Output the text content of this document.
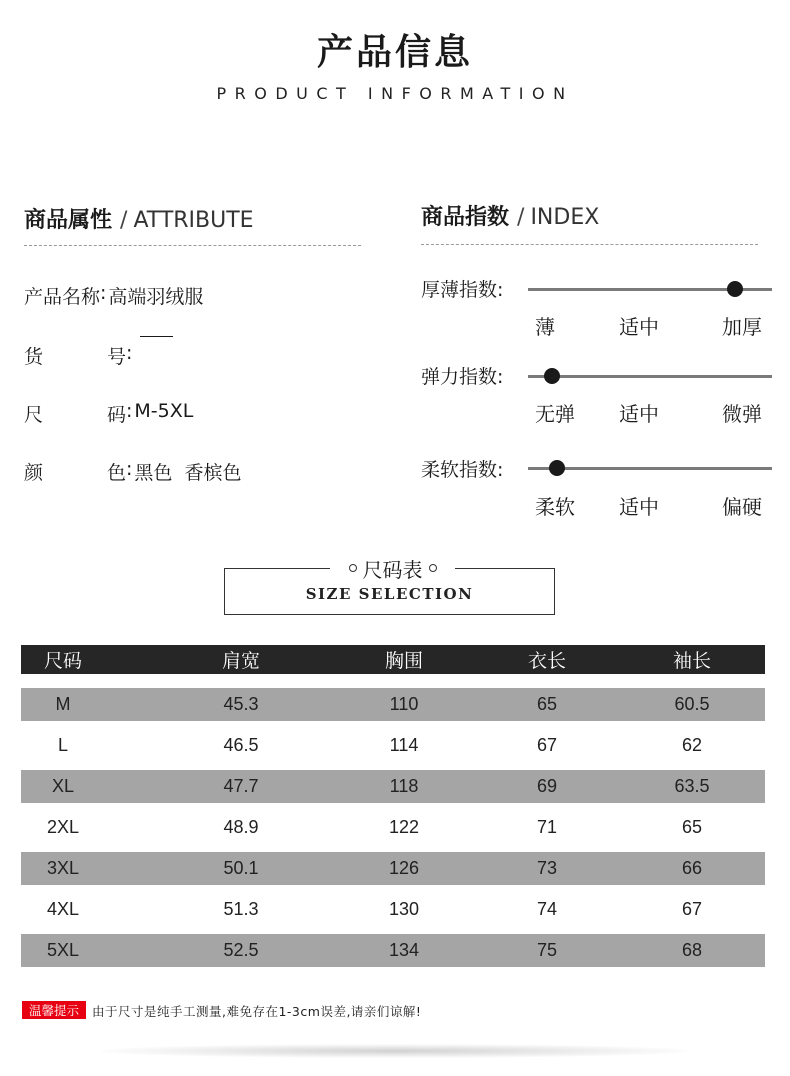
产品信息
PRODUCT INFORMATION
商品属性 / ATTRIBUTE
产品名称 : 高端羽绒服
货	号 :
尺	码 : M-5XL
颜	色 : 黑色  香槟色
商品指数 / INDEX
厚薄指数:
薄	适中	加厚
弹力指数:
无弹 适中	微弹
柔软指数:
柔软 适中	偏硬
尺码表
SIZE SELECTION
尺码	肩宽	胸围	衣长	袖长
M	45.3	110	65	60.5
L	46.5	114	67	62
XL	47.7	118	69	63.5
2XL	48.9	122	71	65
3XL	50.1	126	73	66
4XL	51.3	130	74	67
5XL	52.5	134	75	68
温馨提示	由于尺寸是纯手工测量,难免存在1-3cm误差,请亲们谅解!
